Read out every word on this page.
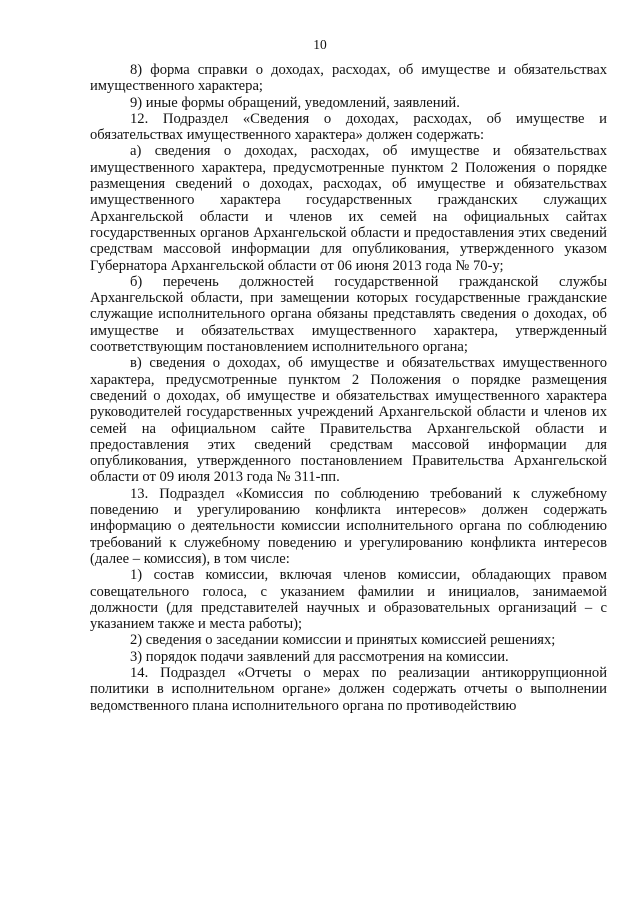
10

8) форма справки о доходах, расходах, об имуществе и обязательствах имущественного характера;

9) иные формы обращений, уведомлений, заявлений.

12. Подраздел «Сведения о доходах, расходах, об имуществе и обязательствах имущественного характера» должен содержать:

а) сведения о доходах, расходах, об имуществе и обязательствах имущественного характера, предусмотренные пунктом 2 Положения о порядке размещения сведений о доходах, расходах, об имуществе и обязательствах имущественного характера государственных гражданских служащих Архангельской области и членов их семей на официальных сайтах государственных органов Архангельской области и предоставления этих сведений средствам массовой информации для опубликования, утвержденного указом Губернатора Архангельской области от 06 июня 2013 года № 70-у;

б) перечень должностей государственной гражданской службы Архангельской области, при замещении которых государственные гражданские служащие исполнительного органа обязаны представлять сведения о доходах, об имуществе и обязательствах имущественного характера, утвержденный соответствующим постановлением исполнительного органа;

в) сведения о доходах, об имуществе и обязательствах имущественного характера, предусмотренные пунктом 2 Положения о порядке размещения сведений о доходах, об имуществе и обязательствах имущественного характера руководителей государственных учреждений Архангельской области и членов их семей на официальном сайте Правительства Архангельской области и предоставления этих сведений средствам массовой информации для опубликования, утвержденного постановлением Правительства Архангельской области от 09 июля 2013 года № 311-пп.

13. Подраздел «Комиссия по соблюдению требований к служебному поведению и урегулированию конфликта интересов» должен содержать информацию о деятельности комиссии исполнительного органа по соблюдению требований к служебному поведению и урегулированию конфликта интересов (далее – комиссия), в том числе:

1) состав комиссии, включая членов комиссии, обладающих правом совещательного голоса, с указанием фамилии и инициалов, занимаемой должности (для представителей научных и образовательных организаций – с указанием также и места работы);

2) сведения о заседании комиссии и принятых комиссией решениях;

3) порядок подачи заявлений для рассмотрения на комиссии.

14. Подраздел «Отчеты о мерах по реализации антикоррупционной политики в исполнительном органе» должен содержать отчеты о выполнении ведомственного плана исполнительного органа по противодействию
